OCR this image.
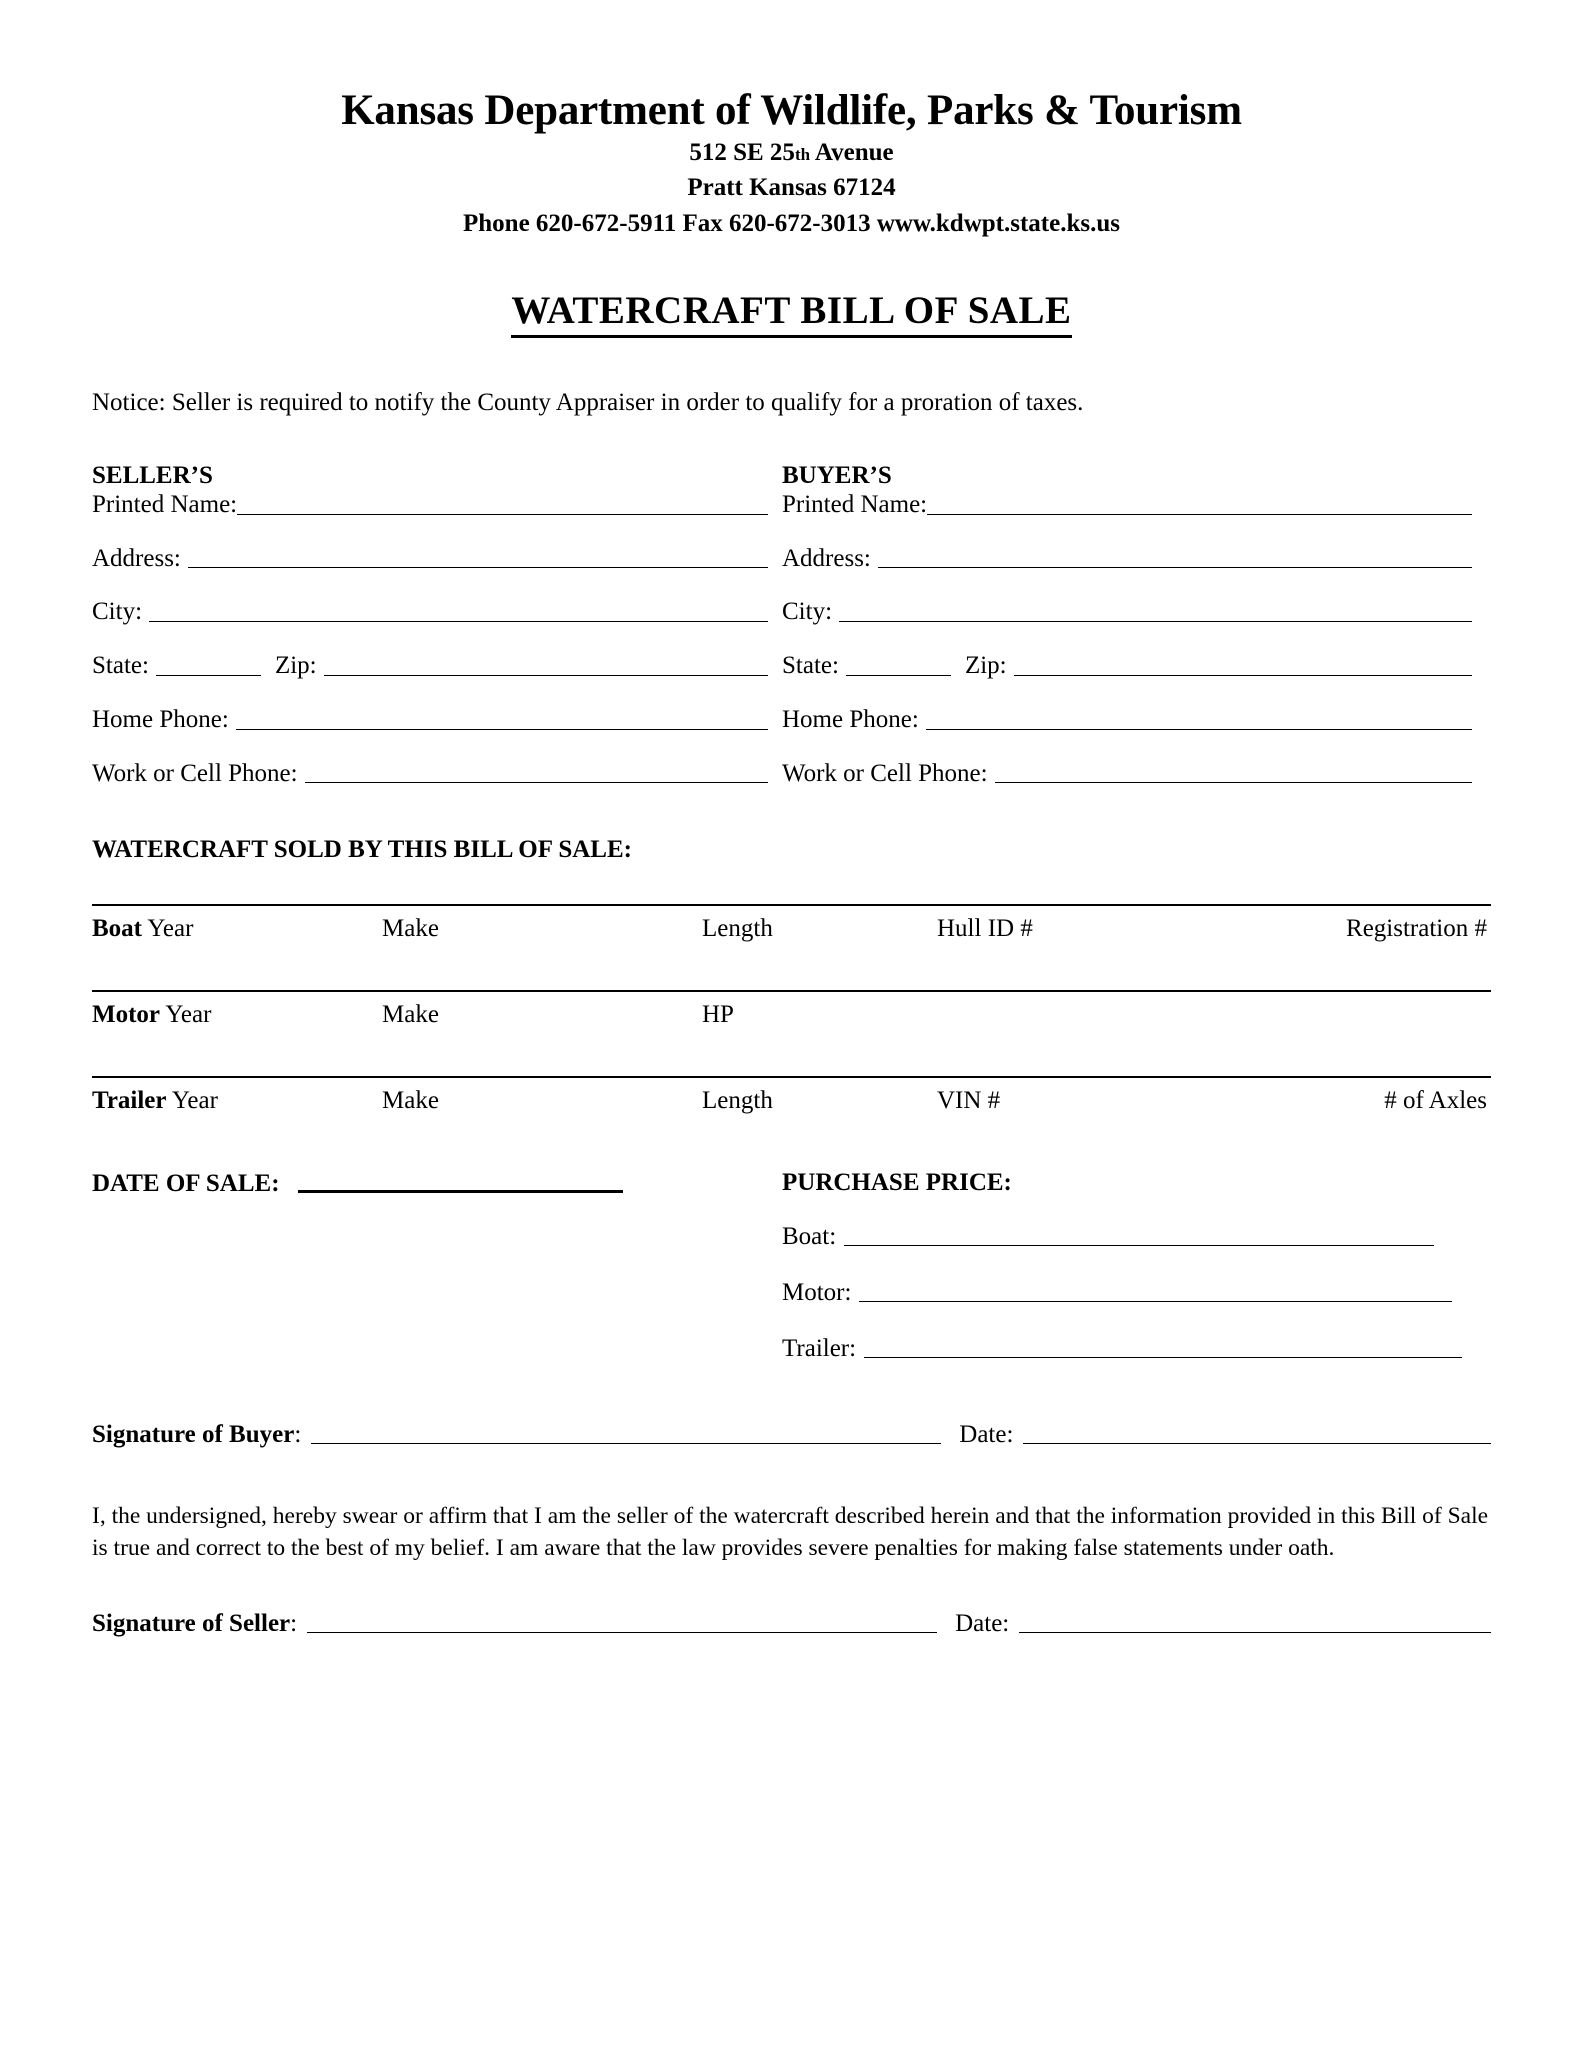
Kansas Department of Wildlife, Parks & Tourism
512 SE 25th Avenue
Pratt Kansas 67124
Phone 620-672-5911 Fax 620-672-3013 www.kdwpt.state.ks.us
WATERCRAFT BILL OF SALE
Notice: Seller is required to notify the County Appraiser in order to qualify for a proration of taxes.
SELLER’S
Printed Name:
Address:
City:
State:	Zip:
Home Phone:
Work or Cell Phone:
BUYER’S
Printed Name:
Address:
City:
State:	Zip:
Home Phone:
Work or Cell Phone:
WATERCRAFT SOLD BY THIS BILL OF SALE:
Boat Year	Make	Length	Hull ID #	Registration #
Motor Year	Make	HP
Trailer Year	Make	Length	VIN #	# of Axles
DATE OF SALE:	PURCHASE PRICE:
Boat:
Motor:
Trailer:
Signature of Buyer :	Date:
I, the undersigned, hereby swear or affirm that I am the seller of the watercraft described herein and that the information provided in this Bill of Sale is true and correct to the best of my belief. I am aware that the law provides severe penalties for making false statements under oath.
Signature of Seller :	Date:
